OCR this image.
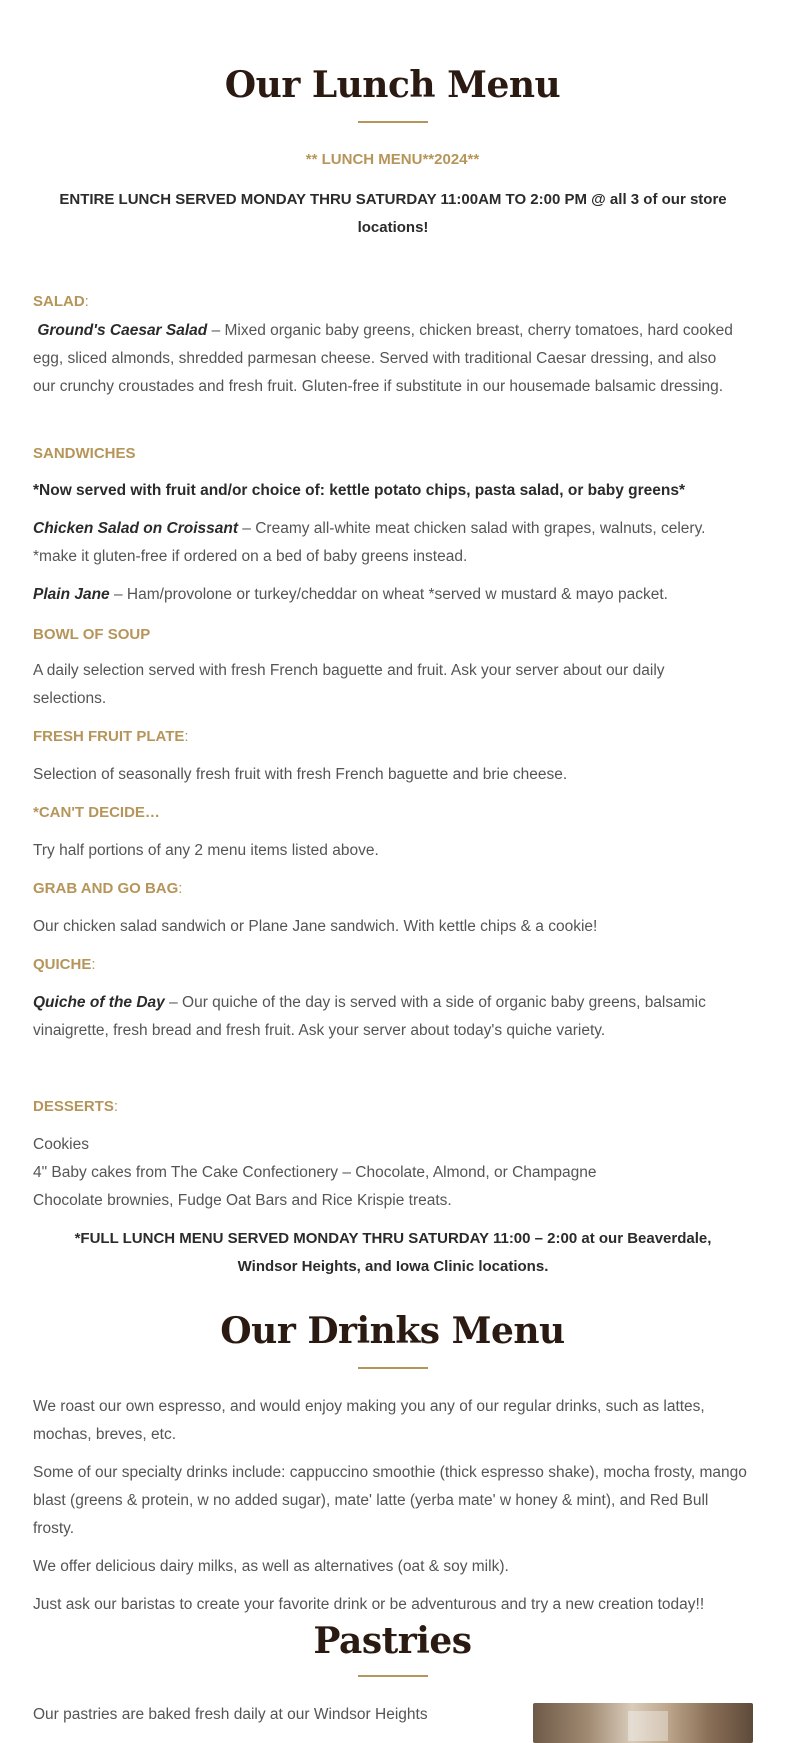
Our Lunch Menu
** LUNCH MENU**2024**
ENTIRE LUNCH SERVED MONDAY THRU SATURDAY 11:00AM TO 2:00 PM @ all 3 of our store locations!
SALAD:

Ground's Caesar Salad – Mixed organic baby greens, chicken breast, cherry tomatoes, hard cooked egg, sliced almonds, shredded parmesan cheese. Served with traditional Caesar dressing, and also our crunchy croustades and fresh fruit. Gluten-free if substitute in our housemade balsamic dressing.

SANDWICHES

*Now served with fruit and/or choice of: kettle potato chips, pasta salad, or baby greens*

Chicken Salad on Croissant – Creamy all-white meat chicken salad with grapes, walnuts, celery. *make it gluten-free if ordered on a bed of baby greens instead.

Plain Jane – Ham/provolone or turkey/cheddar on wheat *served w mustard & mayo packet.

BOWL OF SOUP

A daily selection served with fresh French baguette and fruit. Ask your server about our daily selections.

FRESH FRUIT PLATE:

Selection of seasonally fresh fruit with fresh French baguette and brie cheese.

*CAN'T DECIDE…

Try half portions of any 2 menu items listed above.

GRAB AND GO BAG:

Our chicken salad sandwich or Plane Jane sandwich. With kettle chips & a cookie!

QUICHE:

Quiche of the Day – Our quiche of the day is served with a side of organic baby greens, balsamic vinaigrette, fresh bread and fresh fruit. Ask your server about today's quiche variety.

DESSERTS:

Cookies

4" Baby cakes from The Cake Confectionery – Chocolate, Almond, or Champagne

Chocolate brownies, Fudge Oat Bars and Rice Krispie treats.

*FULL LUNCH MENU SERVED MONDAY THRU SATURDAY 11:00 – 2:00 at our Beaverdale, Windsor Heights, and Iowa Clinic locations.
Our Drinks Menu

We roast our own espresso, and would enjoy making you any of our regular drinks, such as lattes, mochas, breves, etc.

Some of our specialty drinks include: cappuccino smoothie (thick espresso shake), mocha frosty, mango blast (greens & protein, w no added sugar), mate' latte (yerba mate' w honey & mint), and Red Bull frosty.

We offer delicious dairy milks, as well as alternatives (oat & soy milk).

Just ask our baristas to create your favorite drink or be adventurous and try a new creation today!!

Pastries

Our pastries are baked fresh daily at our Windsor Heights
